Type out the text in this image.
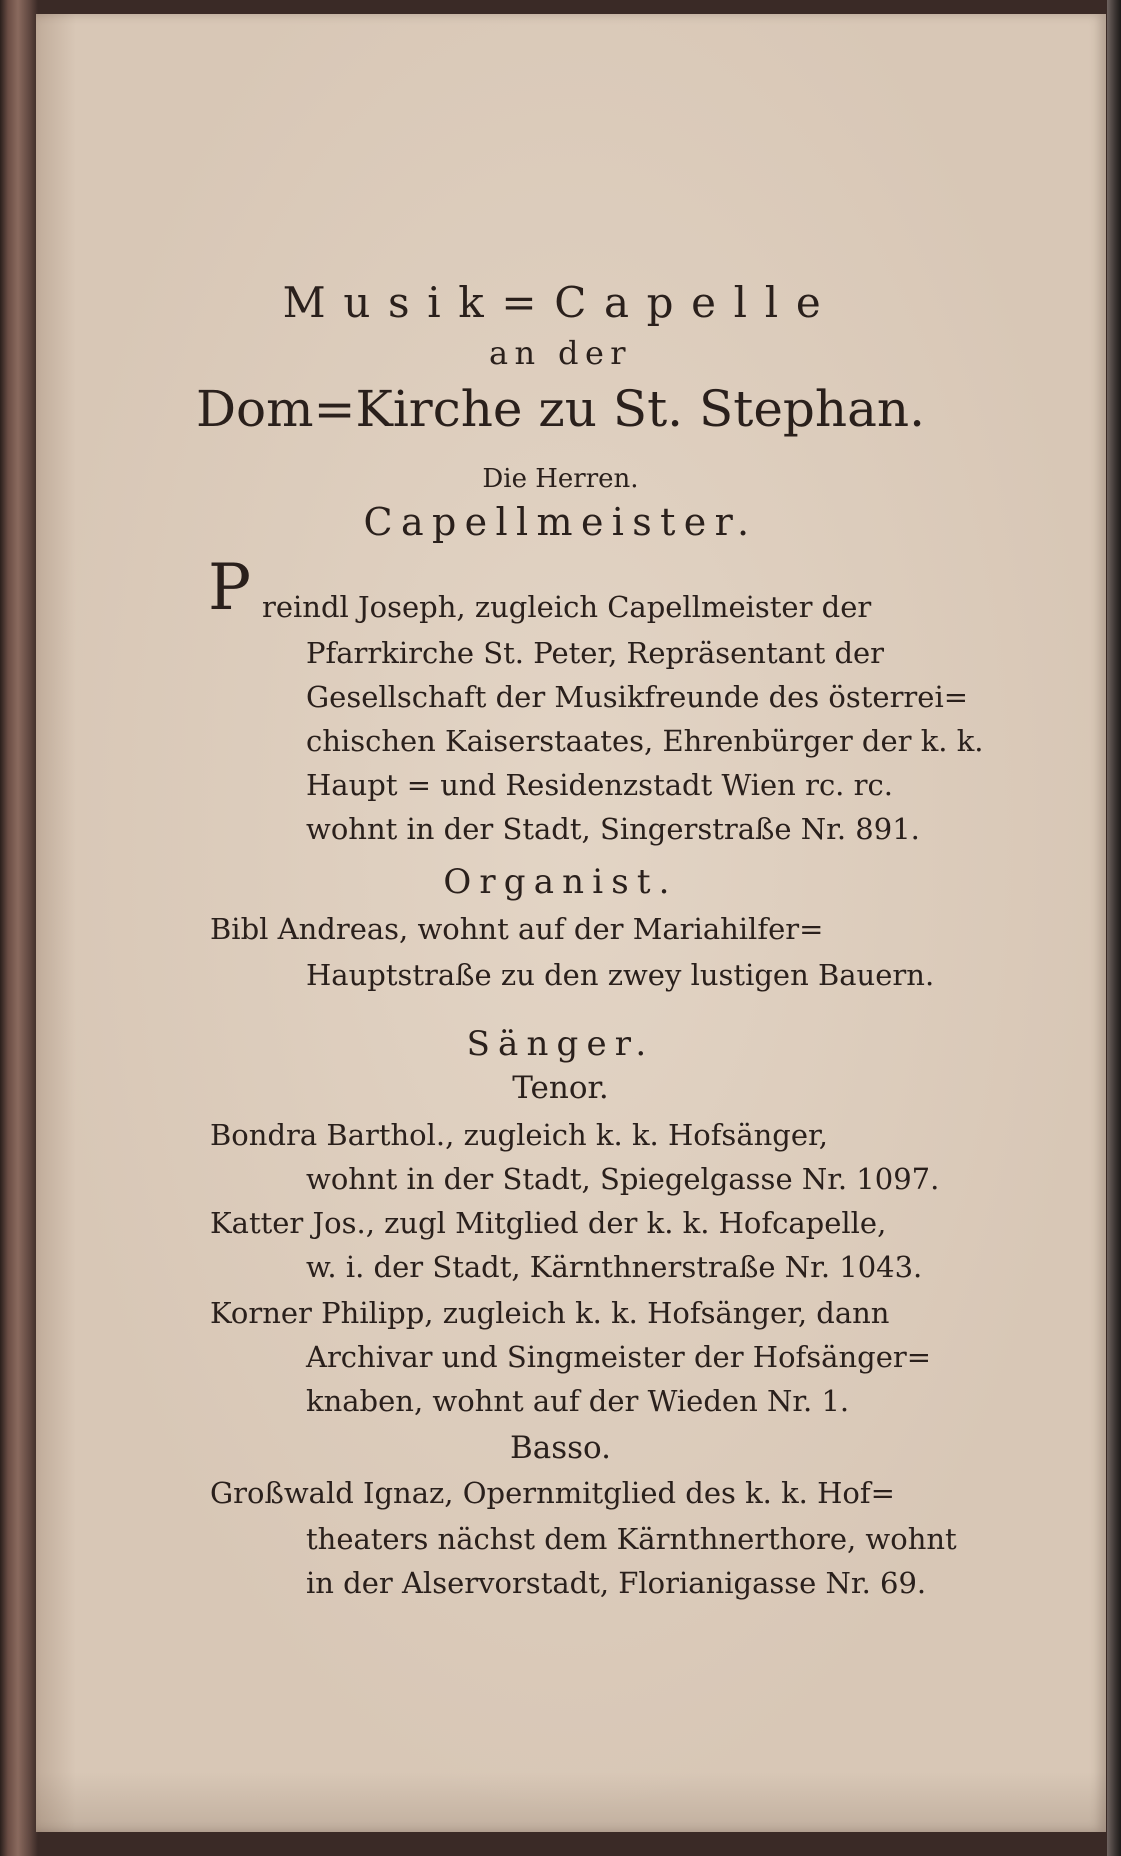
Musik=Capelle
an der
Dom=Kirche zu St. Stephan.
Die Herren.
Capellmeister.
P reindl Joseph, zugleich Capellmeister der
Pfarrkirche St. Peter, Repräsentant der
Gesellschaft der Musikfreunde des österrei=
chischen Kaiserstaates, Ehrenbürger der k. k.
Haupt = und Residenzstadt Wien rc. rc.
wohnt in der Stadt, Singerstraße Nr. 891.
Organist.
Bibl Andreas, wohnt auf der Mariahilfer=
Hauptstraße zu den zwey lustigen Bauern.
Sänger.
Tenor.
Bondra Barthol., zugleich k. k. Hofsänger,
wohnt in der Stadt, Spiegelgasse Nr. 1097.
Katter Jos., zugl Mitglied der k. k. Hofcapelle,
w. i. der Stadt, Kärnthnerstraße Nr. 1043.
Korner Philipp, zugleich k. k. Hofsänger, dann
Archivar und Singmeister der Hofsänger=
knaben, wohnt auf der Wieden Nr. 1.
Basso.
Großwald Ignaz, Opernmitglied des k. k. Hof=
theaters nächst dem Kärnthnerthore, wohnt
in der Alservorstadt, Florianigasse Nr. 69.
